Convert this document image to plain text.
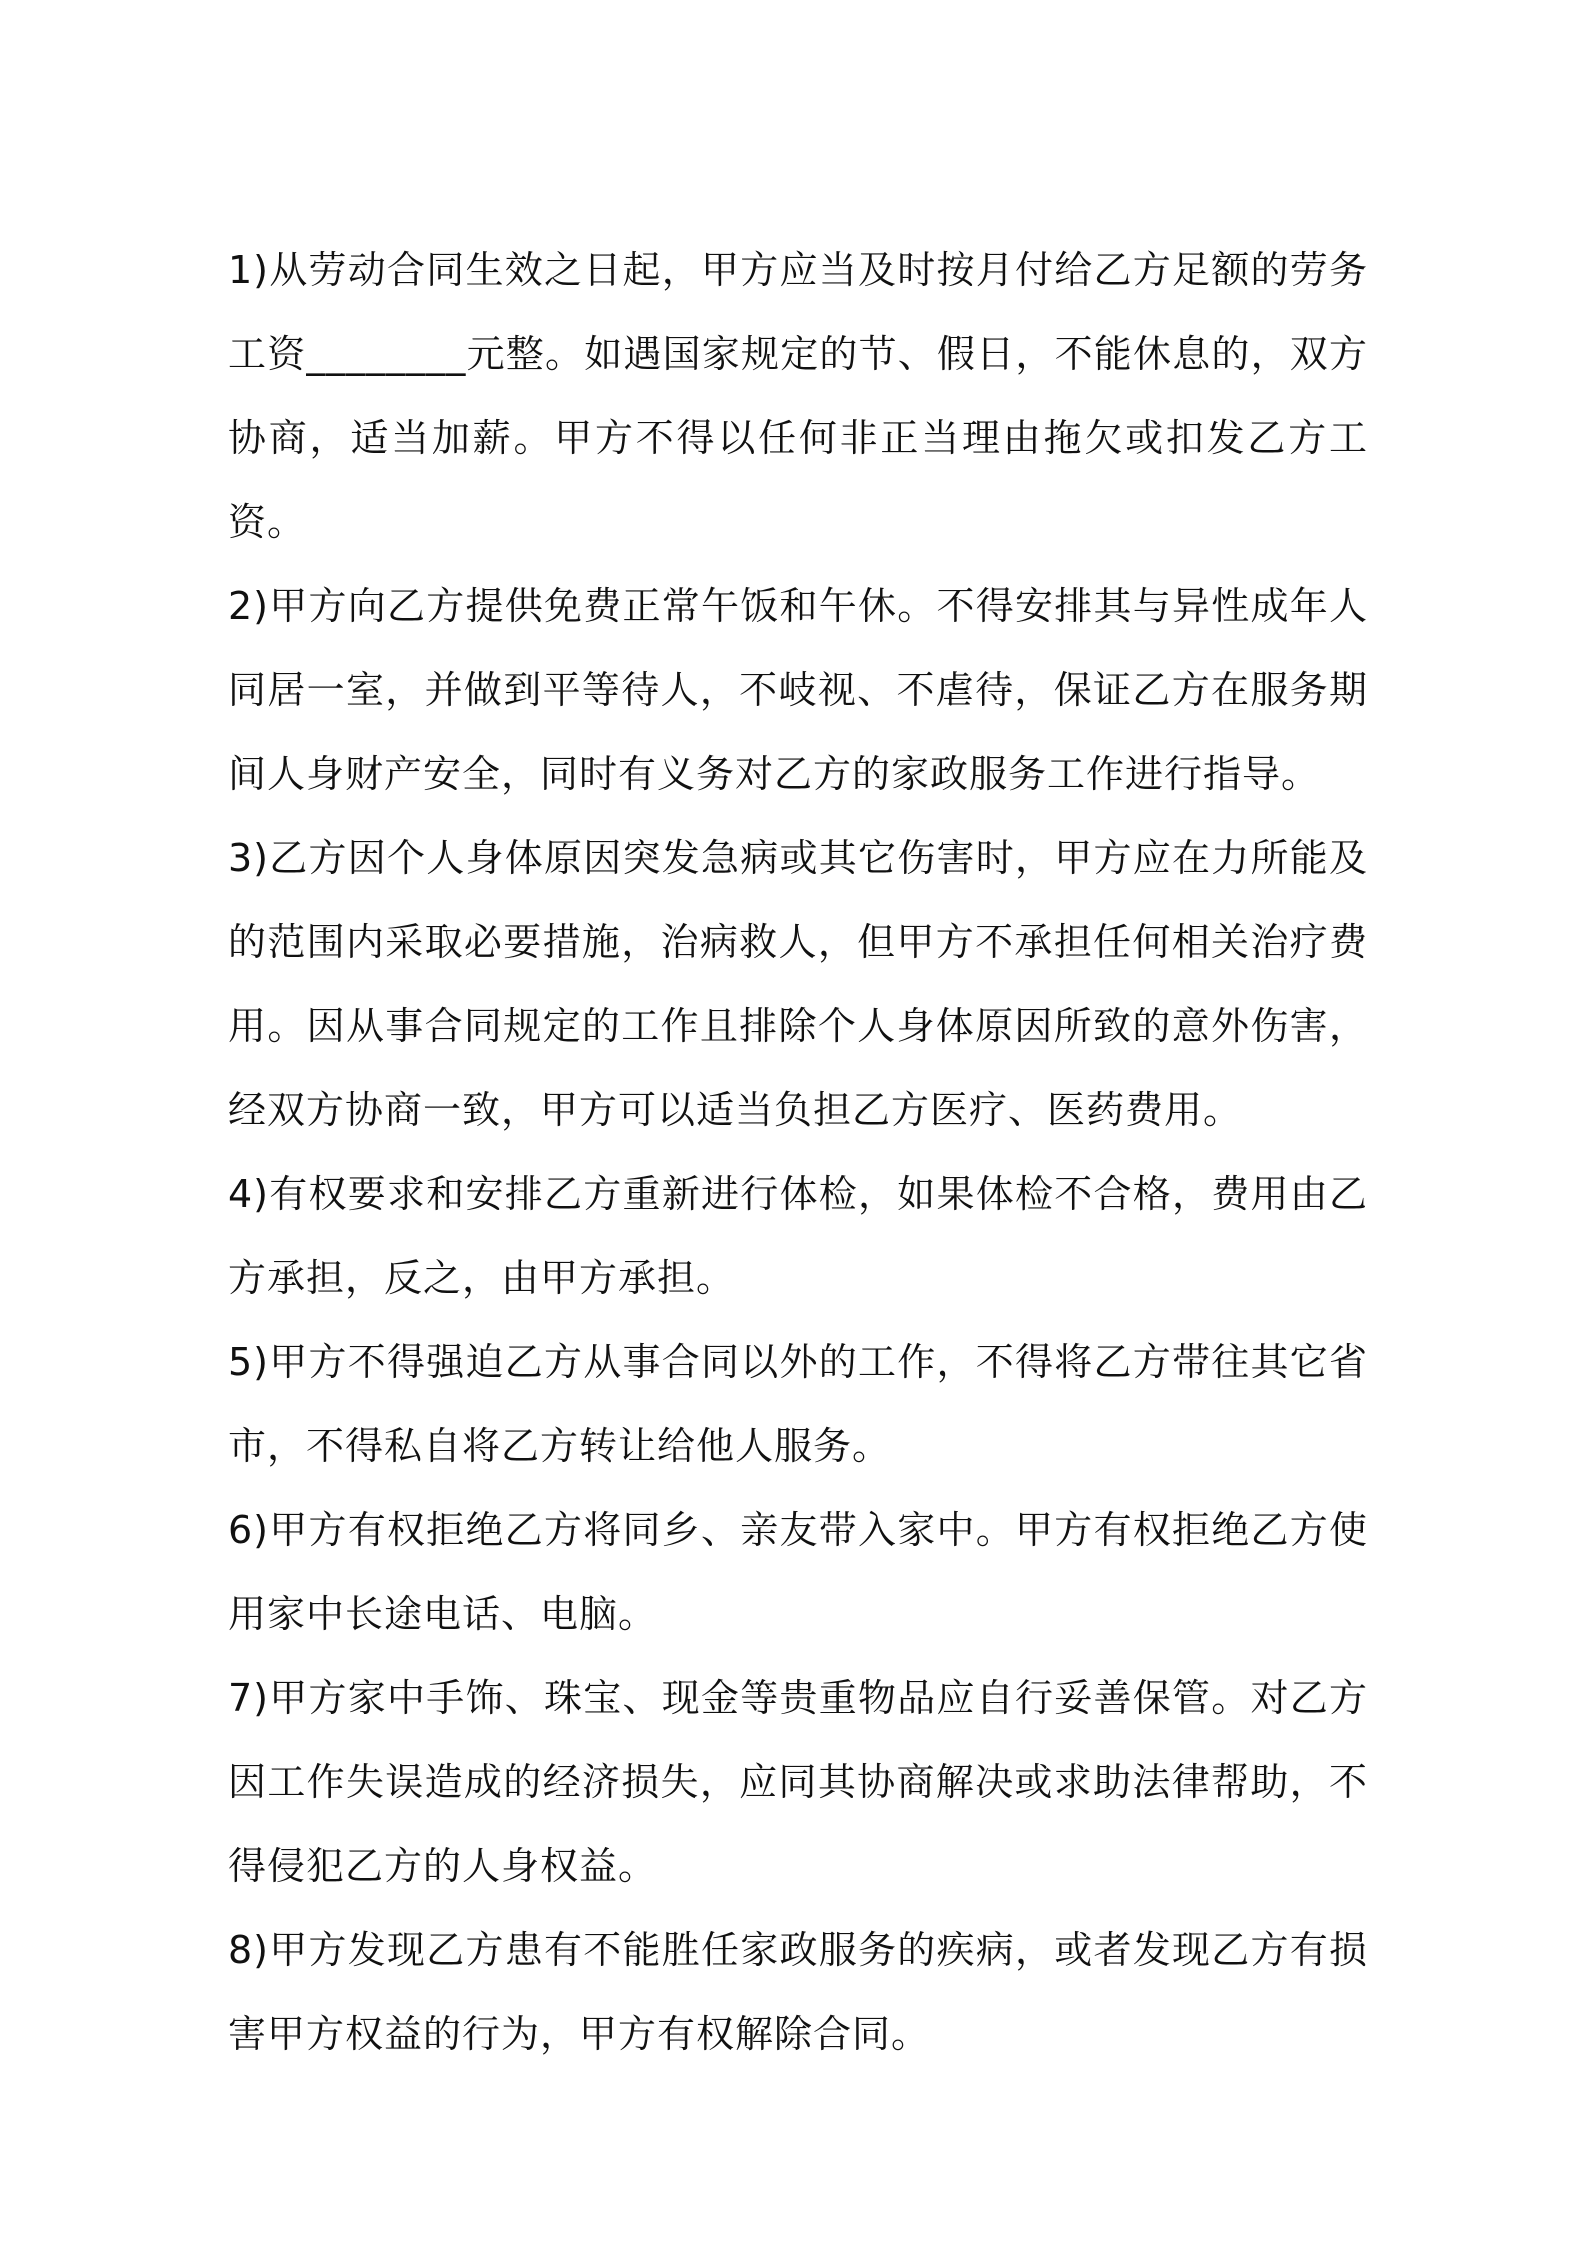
1)从劳动合同生效之日起，甲方应当及时按月付给乙方足额的劳务工资________元整。如遇国家规定的节、假日，不能休息的，双方协商，适当加薪。甲方不得以任何非正当理由拖欠或扣发乙方工资。

2)甲方向乙方提供免费正常午饭和午休。不得安排其与异性成年人同居一室，并做到平等待人，不岐视、不虐待，保证乙方在服务期间人身财产安全，同时有义务对乙方的家政服务工作进行指导。

3)乙方因个人身体原因突发急病或其它伤害时，甲方应在力所能及的范围内采取必要措施，治病救人，但甲方不承担任何相关治疗费用。因从事合同规定的工作且排除个人身体原因所致的意外伤害，经双方协商一致，甲方可以适当负担乙方医疗、医药费用。

4)有权要求和安排乙方重新进行体检，如果体检不合格，费用由乙方承担，反之，由甲方承担。

5)甲方不得强迫乙方从事合同以外的工作，不得将乙方带往其它省市，不得私自将乙方转让给他人服务。

6)甲方有权拒绝乙方将同乡、亲友带入家中。甲方有权拒绝乙方使用家中长途电话、电脑。

7)甲方家中手饰、珠宝、现金等贵重物品应自行妥善保管。对乙方因工作失误造成的经济损失，应同其协商解决或求助法律帮助，不得侵犯乙方的人身权益。

8)甲方发现乙方患有不能胜任家政服务的疾病，或者发现乙方有损害甲方权益的行为，甲方有权解除合同。
